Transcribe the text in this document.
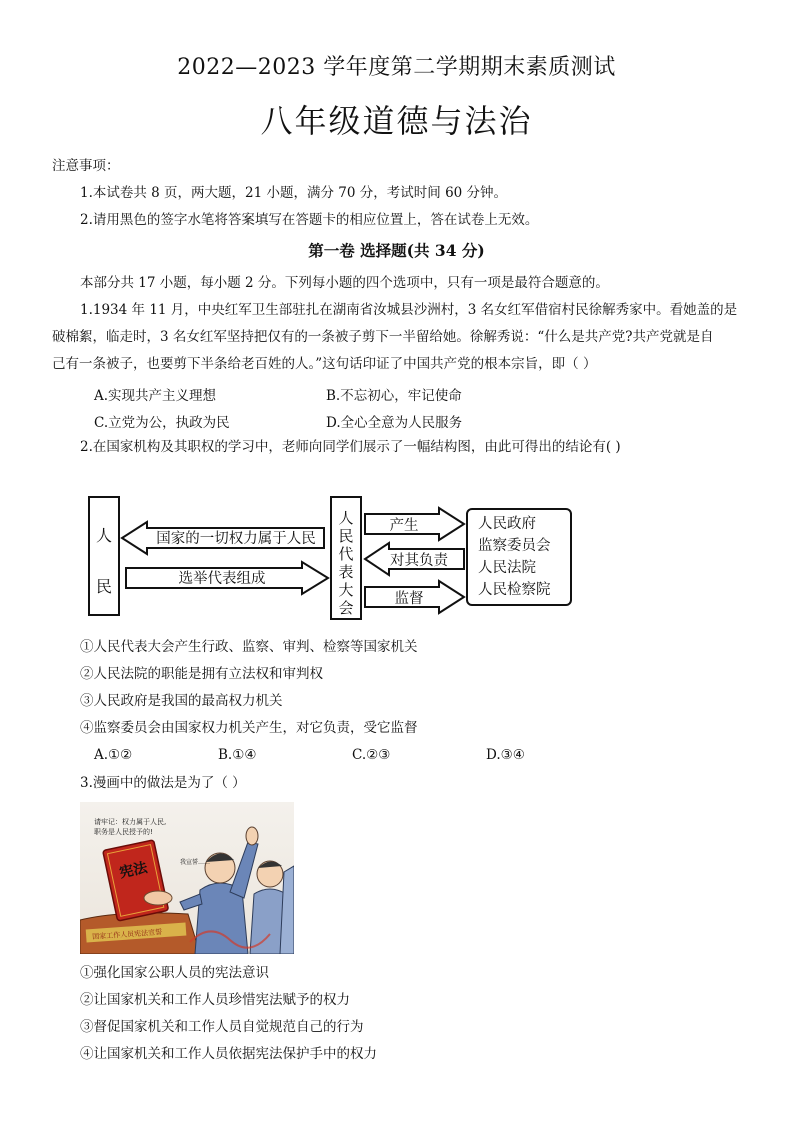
2022—2023 学年度第二学期期末素质测试
八年级道德与法治
注意事项：
1.本试卷共 8 页，两大题，21 小题，满分 70 分，考试时间 60 分钟。
2.请用黑色的签字水笔将答案填写在答题卡的相应位置上，答在试卷上无效。
第一卷 选择题(共 34 分)
本部分共 17 小题，每小题 2 分。下列每小题的四个选项中，只有一项是最符合题意的。
1.1934 年 11 月，中央红军卫生部驻扎在湖南省汝城县沙洲村，3 名女红军借宿村民徐解秀家中。看她盖的是
破棉絮，临走时，3 名女红军坚持把仅有的一条被子剪下一半留给她。徐解秀说：“什么是共产党?共产党就是自
己有一条被子，也要剪下半条给老百姓的人。”这句话印证了中国共产党的根本宗旨，即（ ）
A.实现共产主义理想	B.不忘初心，牢记使命
C.立党为公，执政为民	D.全心全意为人民服务
2.在国家机构及其职权的学习中，老师向同学们展示了一幅结构图，由此可得出的结论有( )
人
民
国家的一切权力属于人民
选举代表组成
人
民
代
表
大
会
产生
对其负责
监督
人民政府
监察委员会
人民法院
人民检察院
①人民代表大会产生行政、监察、审判、检察等国家机关
②人民法院的职能是拥有立法权和审判权
③人民政府是我国的最高权力机关
④监察委员会由国家权力机关产生，对它负责，受它监督
A.①②	B.①④	C.②③	D.③④
3.漫画中的做法是为了（ ）
请牢记：权力属于人民,
职务是人民授予的!
国家工作人员宪法宣誓
宪法	我宣誓……
①强化国家公职人员的宪法意识
②让国家机关和工作人员珍惜宪法赋予的权力
③督促国家机关和工作人员自觉规范自己的行为
④让国家机关和工作人员依据宪法保护手中的权力
